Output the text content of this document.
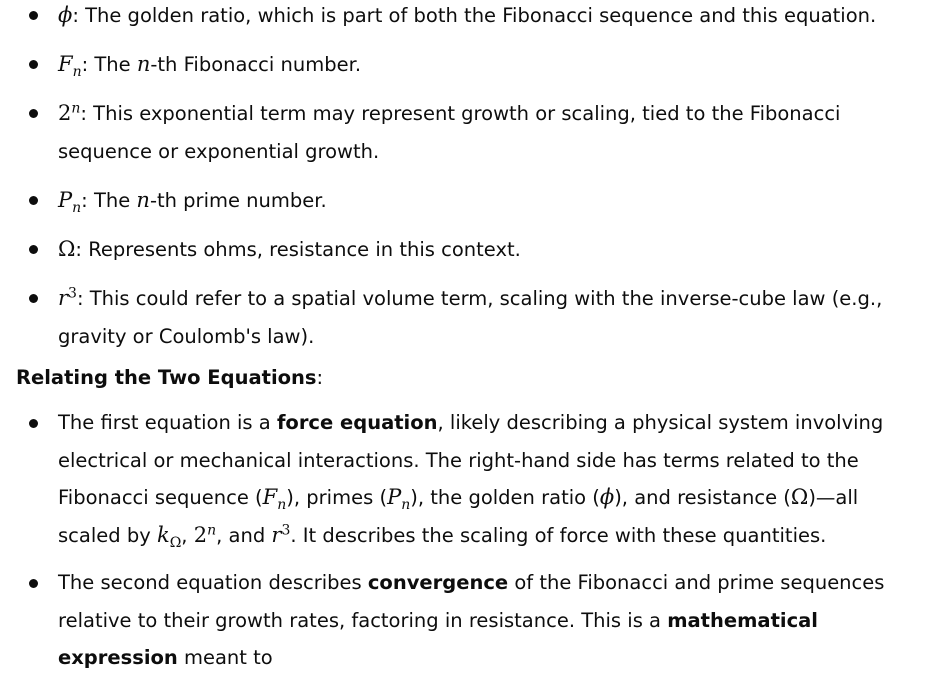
ϕ: The golden ratio, which is part of both the Fibonacci sequence and this equation.
$F_n$: The n-th Fibonacci number.
2$^n$: This exponential term may represent growth or scaling, tied to the Fibonacci sequence or exponential growth.
$P_n$: The n-th prime number.
Ω: Represents ohms, resistance in this context.
$r^3$: This could refer to a spatial volume term, scaling with the inverse-cube law (e.g., gravity or Coulomb's law).
Relating the Two Equations:
The first equation is a force equation, likely describing a physical system involving electrical or mechanical interactions. The right-hand side has terms related to the Fibonacci sequence $(F_n)$, primes $(P_n)$, the golden ratio (ϕ), and resistance (Ω)—all scaled by $k_\Omega$, 2$^n$, and $r^3$. It describes the scaling of force with these quantities.
The second equation describes convergence of the Fibonacci and prime sequences relative to their growth rates, factoring in resistance. This is a mathematical expression meant to
